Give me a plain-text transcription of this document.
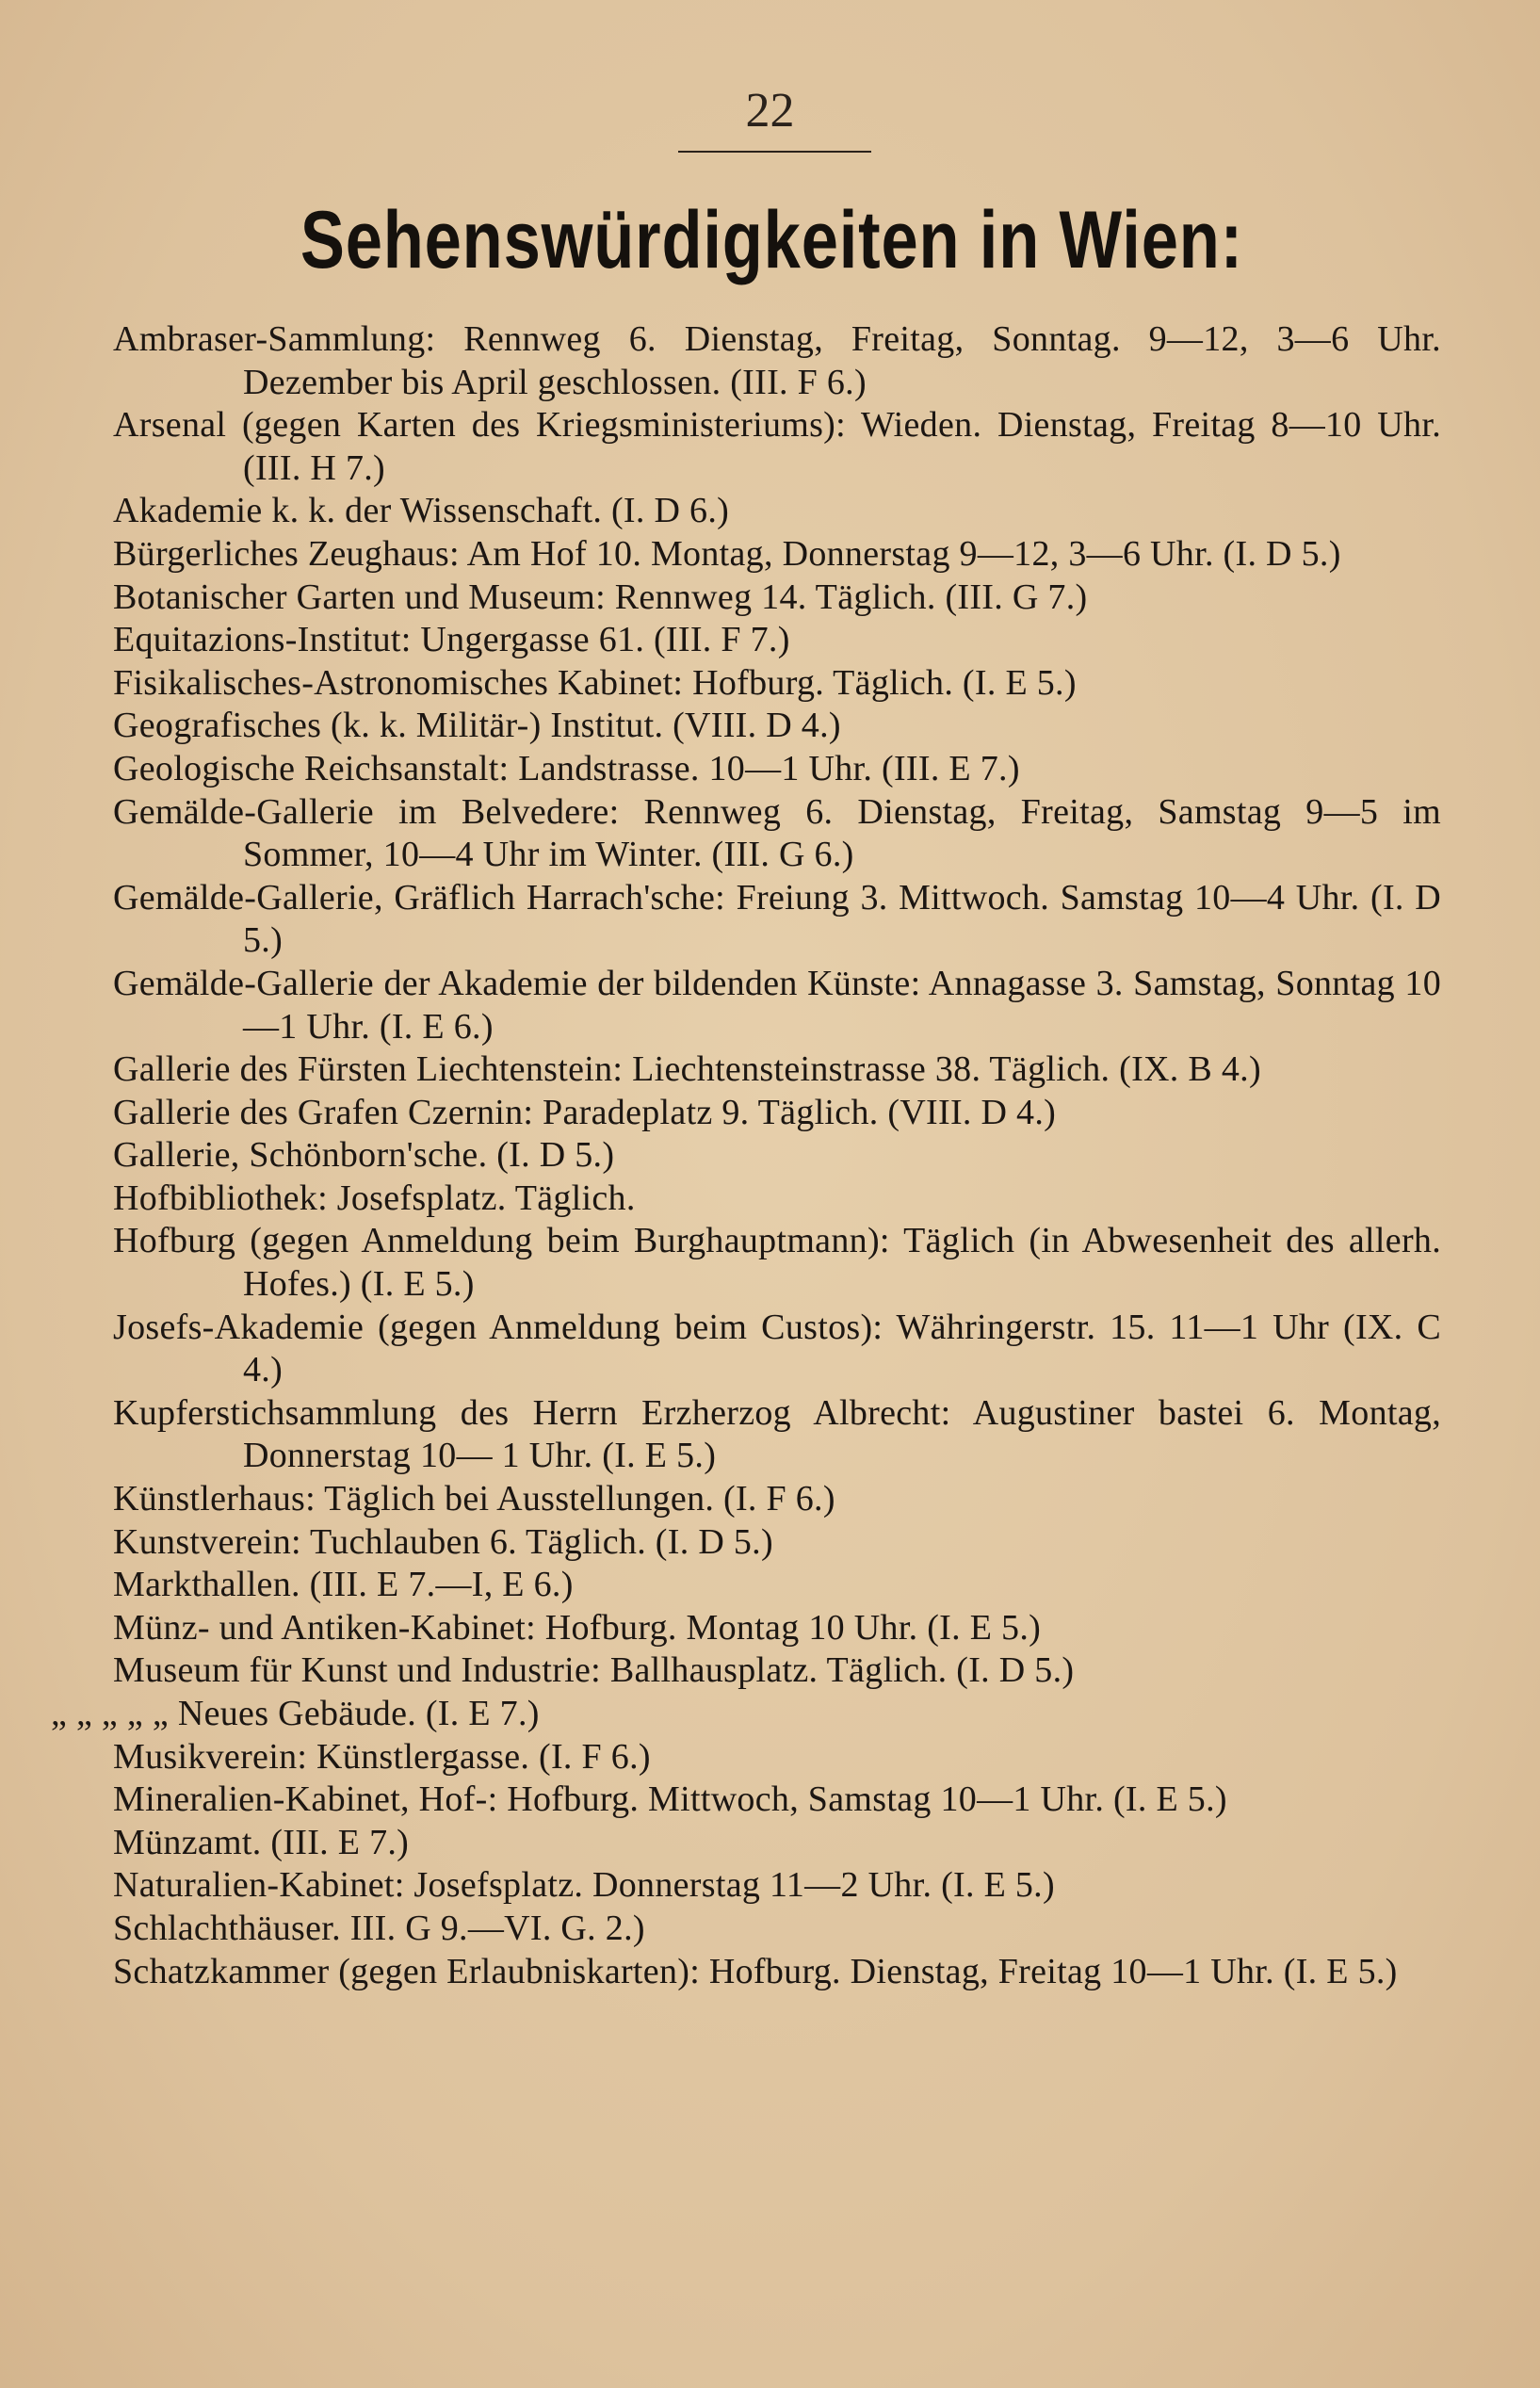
22
Sehenswürdigkeiten in Wien:
Ambraser-Sammlung: Rennweg 6. Dienstag, Freitag, Sonntag. 9—12, 3—6 Uhr. Dezember bis April geschlossen. (III. F 6.)
Arsenal (gegen Karten des Kriegsministeriums): Wieden. Dienstag, Freitag 8—10 Uhr. (III. H 7.)
Akademie k. k. der Wissenschaft. (I. D 6.)
Bürgerliches Zeughaus: Am Hof 10. Montag, Donnerstag 9—12, 3—6 Uhr. (I. D 5.)
Botanischer Garten und Museum: Rennweg 14. Täglich. (III. G 7.)
Equitazions-Institut: Ungergasse 61. (III. F 7.)
Fisikalisches-Astronomisches Kabinet: Hofburg. Täglich. (I. E 5.)
Geografisches (k. k. Militär-) Institut. (VIII. D 4.)
Geologische Reichsanstalt: Landstrasse. 10—1 Uhr. (III. E 7.)
Gemälde-Gallerie im Belvedere: Rennweg 6. Dienstag, Freitag, Samstag 9—5 im Sommer, 10—4 Uhr im Winter. (III. G 6.)
Gemälde-Gallerie, Gräflich Harrach'sche: Freiung 3. Mittwoch. Samstag 10—4 Uhr. (I. D 5.)
Gemälde-Gallerie der Akademie der bildenden Künste: Annagasse 3. Samstag, Sonntag 10—1 Uhr. (I. E 6.)
Gallerie des Fürsten Liechtenstein: Liechtensteinstrasse 38. Täglich. (IX. B 4.)
Gallerie des Grafen Czernin: Paradeplatz 9. Täglich. (VIII. D 4.)
Gallerie, Schönborn'sche. (I. D 5.)
Hofbibliothek: Josefsplatz. Täglich.
Hofburg (gegen Anmeldung beim Burghauptmann): Täglich (in Abwesenheit des allerh. Hofes.) (I. E 5.)
Josefs-Akademie (gegen Anmeldung beim Custos): Währingerstr. 15. 11—1 Uhr (IX. C 4.)
Kupferstichsammlung des Herrn Erzherzog Albrecht: Augustiner bastei 6. Montag, Donnerstag 10— 1 Uhr. (I. E 5.)
Künstlerhaus: Täglich bei Ausstellungen. (I. F 6.)
Kunstverein: Tuchlauben 6. Täglich. (I. D 5.)
Markthallen. (III. E 7.—I, E 6.)
Münz- und Antiken-Kabinet: Hofburg. Montag 10 Uhr. (I. E 5.)
Museum für Kunst und Industrie: Ballhausplatz. Täglich. (I. D 5.)
„ „ „ „ „ Neues Gebäude. (I. E 7.)
Musikverein: Künstlergasse. (I. F 6.)
Mineralien-Kabinet, Hof-: Hofburg. Mittwoch, Samstag 10—1 Uhr. (I. E 5.)
Münzamt. (III. E 7.)
Naturalien-Kabinet: Josefsplatz. Donnerstag 11—2 Uhr. (I. E 5.)
Schlachthäuser. III. G 9.—VI. G. 2.)
Schatzkammer (gegen Erlaubniskarten): Hofburg. Dienstag, Freitag 10—1 Uhr. (I. E 5.)
